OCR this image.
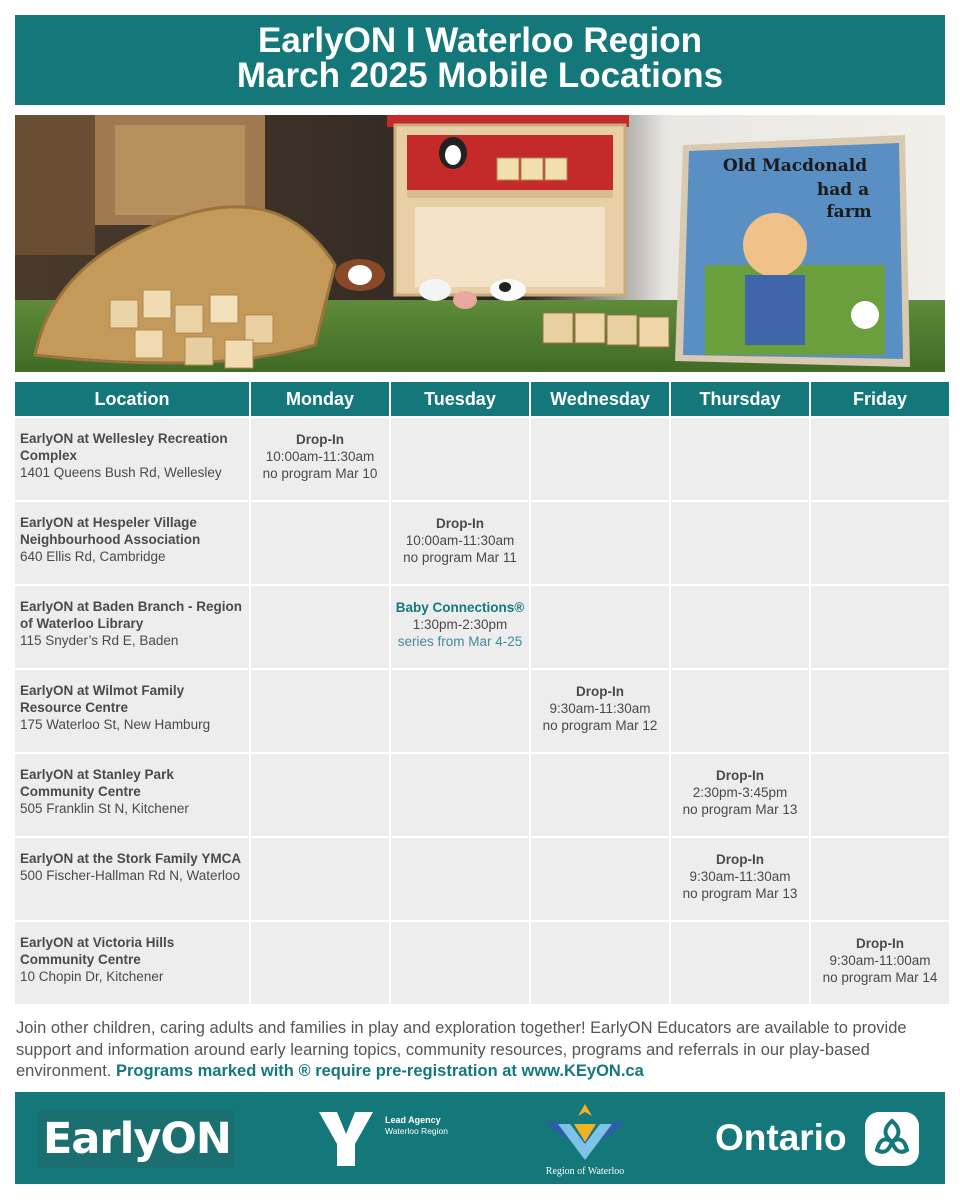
EarlyON I Waterloo Region
March 2025 Mobile Locations
Old Macdonald
had a
farm
Location	Monday	Tuesday	Wednesday	Thursday	Friday

EarlyON at Wellesley Recreation Complex
1401 Queens Bush Rd, Wellesley	Drop-In
10:00am-11:30am
no program Mar 10				

EarlyON at Hespeler Village Neighbourhood Association
640 Ellis Rd, Cambridge		Drop-In
10:00am-11:30am
no program Mar 11			

EarlyON at Baden Branch - Region of Waterloo Library
115 Snyder’s Rd E, Baden		Baby Connections®
1:30pm-2:30pm
series from Mar 4-25			

EarlyON at Wilmot Family Resource Centre
175 Waterloo St, New Hamburg			Drop-In
9:30am-11:30am
no program Mar 12		

EarlyON at Stanley Park Community Centre
505 Franklin St N, Kitchener				Drop-In
2:30pm-3:45pm
no program Mar 13	

EarlyON at the Stork Family YMCA
500 Fischer-Hallman Rd N, Waterloo				Drop-In
9:30am-11:30am
no program Mar 13	

EarlyON at Victoria Hills Community Centre
10 Chopin Dr, Kitchener					Drop-In
9:30am-11:00am
no program Mar 14
Join other children, caring adults and families in play and exploration together! EarlyON Educators are available to provide support and information around early learning topics, community resources, programs and referrals in our play-based environment. Programs marked with ® require pre-registration at www.KEyON.ca
EarlyON	Lead Agency
Waterloo Region
Region of Waterloo
Ontario
